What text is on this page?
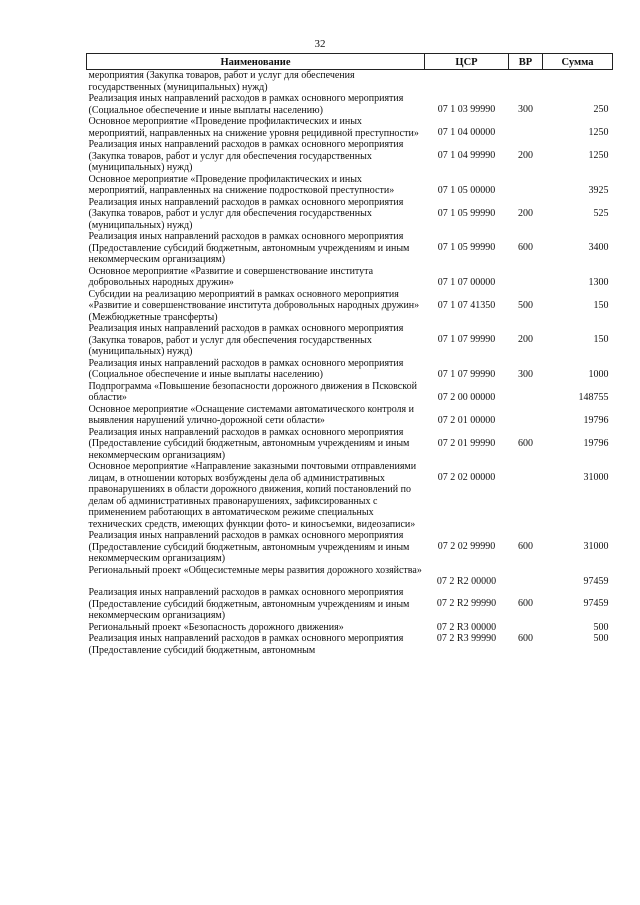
32
Наименование	ЦСР	ВР	Сумма
мероприятия (Закупка товаров, работ и услуг для обеспечения государственных (муниципальных) нужд)			
Реализация иных направлений расходов в рамках основного мероприятия (Социальное обеспечение и иные выплаты населению)	07 1 03 99990	300	250
Основное мероприятие «Проведение профилактических и иных мероприятий, направленных на снижение уровня рецидивной преступности»	07 1 04 00000		1250
Реализация иных направлений расходов в рамках основного мероприятия (Закупка товаров, работ и услуг для обеспечения государственных (муниципальных) нужд)	07 1 04 99990	200	1250
Основное мероприятие «Проведение профилактических и иных мероприятий, направленных на снижение подростковой преступности»	07 1 05 00000		3925
Реализация иных направлений расходов в рамках основного мероприятия (Закупка товаров, работ и услуг для обеспечения государственных (муниципальных) нужд)	07 1 05 99990	200	525
Реализация иных направлений расходов в рамках основного мероприятия (Предоставление субсидий бюджетным, автономным учреждениям и иным некоммерческим организациям)	07 1 05 99990	600	3400
Основное мероприятие «Развитие и совершенствование института добровольных народных дружин»	07 1 07 00000		1300
Субсидии на реализацию мероприятий в рамках основного мероприятия «Развитие и совершенствование института добровольных народных дружин» (Межбюджетные трансферты)	07 1 07 41350	500	150
Реализация иных направлений расходов в рамках основного мероприятия (Закупка товаров, работ и услуг для обеспечения государственных (муниципальных) нужд)	07 1 07 99990	200	150
Реализация иных направлений расходов в рамках основного мероприятия (Социальное обеспечение и иные выплаты населению)	07 1 07 99990	300	1000
Подпрограмма «Повышение безопасности дорожного движения в Псковской области»	07 2 00 00000		148755
Основное мероприятие «Оснащение системами автоматического контроля и выявления нарушений улично-дорожной сети области»	07 2 01 00000		19796
Реализация иных направлений расходов в рамках основного мероприятия (Предоставление субсидий бюджетным, автономным учреждениям и иным некоммерческим организациям)	07 2 01 99990	600	19796
Основное мероприятие «Направление заказными почтовыми отправлениями лицам, в отношении которых возбуждены дела об административных правонарушениях в области дорожного движения, копий постановлений по делам об административных правонарушениях, зафиксированных с применением работающих в автоматическом режиме специальных технических средств, имеющих функции фото- и киносъемки, видеозаписи»	07 2 02 00000		31000
Реализация иных направлений расходов в рамках основного мероприятия (Предоставление субсидий бюджетным, автономным учреждениям и иным некоммерческим организациям)	07 2 02 99990	600	31000
Региональный проект «Общесистемные меры развития дорожного хозяйства»	07 2 R2 00000		97459
Реализация иных направлений расходов в рамках основного мероприятия (Предоставление субсидий бюджетным, автономным учреждениям и иным некоммерческим организациям)	07 2 R2 99990	600	97459
Региональный проект «Безопасность дорожного движения»	07 2 R3 00000		500
Реализация иных направлений расходов в рамках основного мероприятия (Предоставление субсидий бюджетным, автономным	07 2 R3 99990	600	500
